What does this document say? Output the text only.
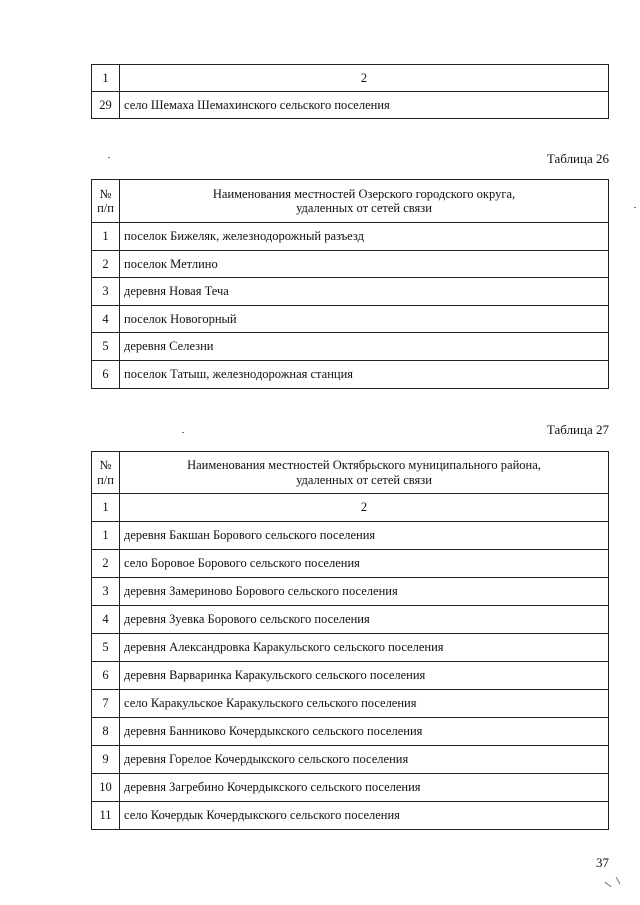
1	2
29	село Шемаха Шемахинского сельского поселения
Таблица 26
№
п/п	Наименования местностей Озерского городского округа,
удаленных от сетей связи
1	поселок Бижеляк, железнодорожный разъезд
2	поселок Метлино
3	деревня Новая Теча
4	поселок Новогорный
5	деревня Селезни
6	поселок Татыш, железнодорожная станция
Таблица 27
№
п/п	Наименования местностей Октябрьского муниципального района,
удаленных от сетей связи
1	2
1	деревня Бакшан Борового сельского поселения
2	село Боровое Борового сельского поселения
3	деревня Замериново Борового сельского поселения
4	деревня Зуевка Борового сельского поселения
5	деревня Александровка Каракульского сельского поселения
6	деревня Варваринка Каракульского сельского поселения
7	село Каракульское Каракульского сельского поселения
8	деревня Банниково Кочердыкского сельского поселения
9	деревня Горелое Кочердыкского сельского поселения
10	деревня Загребино Кочердыкского сельского поселения
11	село Кочердык Кочердыкского сельского поселения
37
